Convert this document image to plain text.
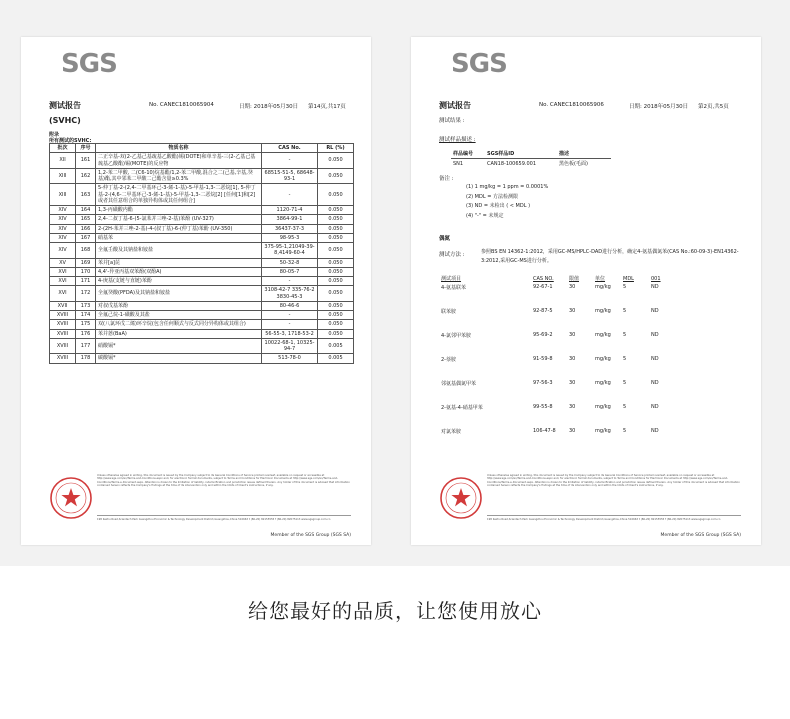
SGS
测试报告	No. CANEC1810065904	日期: 2018年05月30日 第14页,共17页
(SVHC)
附录
所有测试的SVHC:
批次	序号	物质名称	CAS No.	RL (%)
XII	161	二正辛基-双(2-乙基己基巯基乙酸酯)锡(DOTE)和单辛基-三(2-乙基己基巯基乙酸酯)锡(MOTE)的反应物	-	0.050
XIII	162	1,2-苯二甲酸, 二(C6-10)烷基酯/1,2-苯二甲酸,混合之二(己基,辛基,癸基)酯,其中邻苯二甲酸二己酯含量≥0.3%	68515-51-5, 68648-93-1	0.050
XIII	163	5-仲丁基-2-(2,4-二甲基环己-3-烯-1-基)-5-甲基-1,3-二恶烷[1], 5-仲丁基-2-(4,6-二甲基环己-3-烯-1-基)-5-甲基-1,3-二恶烷[2] [任何[1]和[2]或者其任意组合的单独异构体或其任何组合]	-	0.050
XIV	164	1,3-丙磺酸内酯	1120-71-4	0.050
XIV	165	2,4-二叔丁基-6-(5-氯苯并三唑-2-基)苯酚 (UV-327)	3864-99-1	0.050
XIV	166	2-(2H-苯并三唑-2-基)-4-(叔丁基)-6-(仲丁基)苯酚 (UV-350)	36437-37-3	0.050
XIV	167	硝基苯	98-95-3	0.050
XIV	168	全氟壬酸及其钠盐和铵盐	375-95-1,21049-39-8,4149-60-4	0.050
XV	169	苯并[a]芘	50-32-8	0.050
XVI	170	4,4'-异亚丙基双苯酚(双酚A)	80-05-7	0.050
XVI	171	4-庚基(支链与直链)苯酚	-	0.050
XVI	172	全氟癸酸(PFDA)及其钠盐和铵盐	3108-42-7 335-76-2 3830-45-3	0.050
XVII	173	对叔戊基苯酚	80-46-6	0.050
XVIII	174	全氟己烷-1-磺酸及其盐	-	0.050
XVIII	175	双(八氯环戊二烯)环辛烷(包含任何顺式与反式同分异构体或其组合)	-	0.050
XVIII	176	苯并蒽(BaA)	56-55-3, 1718-53-2	0.050
XVIII	177	硝酸镉*	10022-68-1, 10325-94-7	0.005
XVIII	178	碳酸镉*	513-78-0	0.005
Unless otherwise agreed in writing, this document is issued by the Company subject to its General Conditions of Service printed overleaf, available on request or accessible at http://www.sgs.com/en/Terms-and-Conditions.aspx and, for electronic format documents, subject to Terms and Conditions for Electronic Documents at http://www.sgs.com/en/Terms-and-Conditions/Terms-e-Document.aspx. Attention is drawn to the limitation of liability, indemnification and jurisdiction issues defined therein. Any holder of this document is advised that information contained hereon reflects the Company's findings at the time of its intervention only and within the limits of Client's instructions, if any.
198 Kezhu Road,Scientech Park Guangzhou Economic & Technology Development District,Guangzhou,China 510663 t (86-20) 82155555 f (86-20) 82075113 www.sgsgroup.com.cn
Member of the SGS Group (SGS SA)
SGS
测试报告	No. CANEC1810065906	日期: 2018年05月30日 第2页,共5页
测试结果 :
测试样品描述 :
样品编号	SGS样品ID	描述
SN1	CAN18-100659.001	黑色板(毛面)
备注 :
(1) 1 mg/kg = 1 ppm = 0.0001%
(2) MDL = 方法检测限
(3) ND = 未检出 ( < MDL )
(4) "-" = 未规定
偶氮
测试方法 :	参照BS EN 14362-1:2012，采用GC-MS/HPLC-DAD进行分析，确定4-氨基偶氮苯(CAS No.:60-09-3)-EN14362-3:2012,采用GC-MS进行分析。
测试项目	CAS NO.	限值	单位	MDL	001
4-氨基联苯	92-67-1	30	mg/kg	5	ND
联苯胺	92-87-5	30	mg/kg	5	ND
4-氯邻甲苯胺	95-69-2	30	mg/kg	5	ND
2-萘胺	91-59-8	30	mg/kg	5	ND
邻氨基偶氮甲苯	97-56-3	30	mg/kg	5	ND
2-氨基-4-硝基甲苯	99-55-8	30	mg/kg	5	ND
对氯苯胺	106-47-8	30	mg/kg	5	ND
Unless otherwise agreed in writing, this document is issued by the Company subject to its General Conditions of Service printed overleaf, available on request or accessible at http://www.sgs.com/en/Terms-and-Conditions.aspx and, for electronic format documents, subject to Terms and Conditions for Electronic Documents at http://www.sgs.com/en/Terms-and-Conditions/Terms-e-Document.aspx. Attention is drawn to the limitation of liability, indemnification and jurisdiction issues defined therein. Any holder of this document is advised that information contained hereon reflects the Company's findings at the time of its intervention only and within the limits of Client's instructions, if any.
198 Kezhu Road,Scientech Park Guangzhou Economic & Technology Development District,Guangzhou,China 510663 t (86-20) 82155555 f (86-20) 82075113 www.sgsgroup.com.cn
Member of the SGS Group (SGS SA)
给您最好的品质，让您使用放心
